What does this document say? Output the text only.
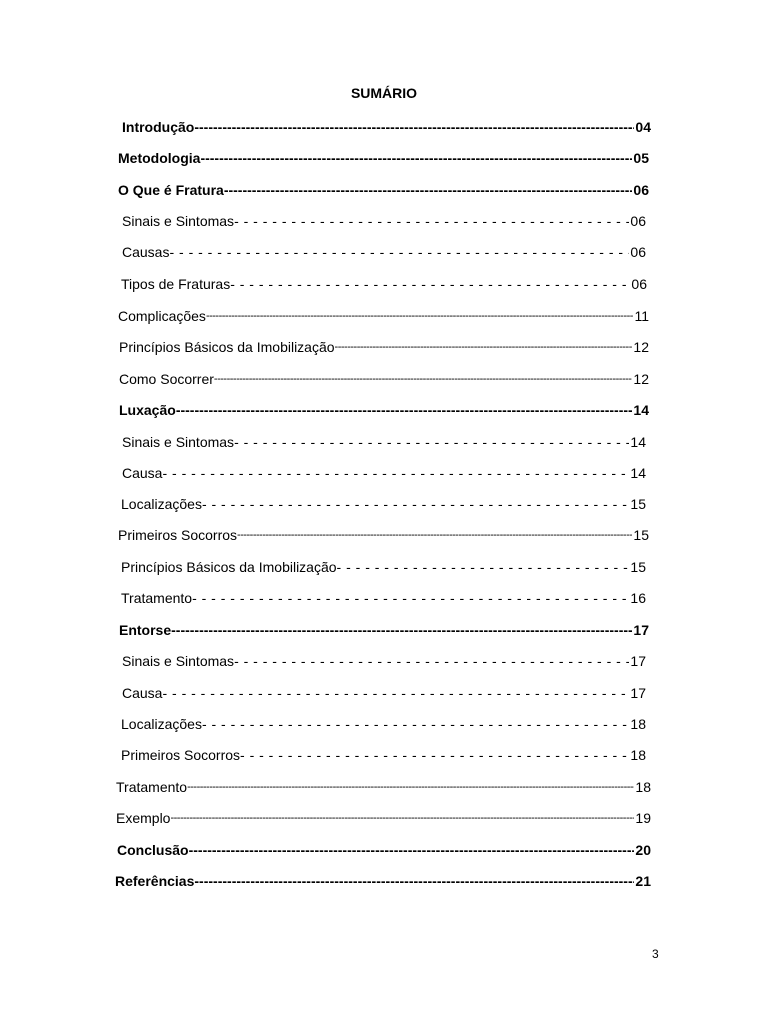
SUMÁRIO
Introdução -----	04
Metodologia -----	05
O Que é Fratura -----	06
Sinais e Sintomas - - -	06
Causas - - -	06
Tipos de Fraturas - - -	06
Complicações -----	11
Princípios Básicos da Imobilização -----	12
Como Socorrer -----	12
Luxação -----	14
Sinais e Sintomas - - -	14
Causa - - -	14
Localizações - - -	15
Primeiros Socorros -----	15
Princípios Básicos da Imobilização - - -	15
Tratamento - - -	16
Entorse -----	17
Sinais e Sintomas - - -	17
Causa - - -	17
Localizações - - -	18
Primeiros Socorros - - -	18
Tratamento -----	18
Exemplo -----	19
Conclusão -----	20
Referências -----	21
3
